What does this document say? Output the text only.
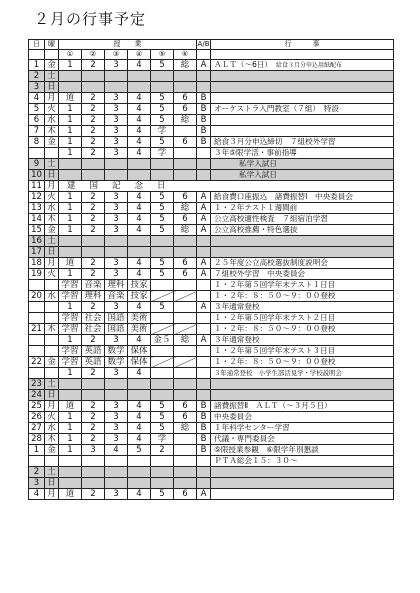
２月の行事予定
日	曜	授　　業						A/B	行　　　事
		①	②	③	④	⑤	⑥		
1	金	1	2	3	4	5	総	A	ＡＬＴ（～6日） 給食３月分申込用紙配布
2	土								
3	日								
4	月	道	2	3	4	5	6	B	
5	火	1	2	3	4	5	6	B	オーケストラ入門教室（７組）　特設
6	水	1	2	3	4	5	総	B	
7	木	1	2	3	4	学		B	
8	金	1	2	3	4	5	6	B	給食３月分申込締切　７組校外学習
		1	2	3	4	学			３年⑤限学活・事前指導
9	土								私学入試日
10	日								私学入試日
11	月	建国記念日							
12	火	1	2	3	4	5	6	A	給食費口座振込　諸費振替Ⅰ　中央委員会
13	水	1	2	3	4	5	総	A	１・２年テスト１週間前
14	木	1	2	3	4	5	6	A	公立高校適性検査　７組宿泊学習
15	金	1	2	3	4	5	総	A	公立高校推薦・特色選抜
16	土								
17	日								
18	月	道	2	3	4	5	6	A	２５年度公立高校選抜制度説明会
19	火	1	2	3	4	5	6	A	７組校外学習　中央委員会
		学習	音楽	理科	技家				１・２年第５回学年末テスト１日目
20	水	学習	理科	音楽	技家				１・２年：８：５０～９：００登校
		1	2	3	4	5		A	３年通常登校
		学習	社会	国語	美術				１・２年第５回学年末テスト２日目
21	木	学習	社会	国語	美術				１・２年：８：５０～９：００登校
		1	2	3	4	金５	総	A	３年通常登校
		学習	英語	数学	保体				１・２年第５回学年末テスト３日目
22	金	学習	英語	数学	保体				１・２年：８：５０～９：００登校
		1	2	3	4				３年通常登校　小学生部活見学・学校説明会
23	土								
24	日								
25	月	道	2	3	4	5	6	B	諸費振替Ⅱ　ＡＬＴ（～３月５日）
26	火	1	2	3	4	5	6	B	中央委員会
27	水	1	2	3	4	5	総	B	１年科学センター学習
28	木	1	2	3	4	学		B	代議・専門委員会
1	金	1	3	4	5	2		B	⑤限授業参観　⑥限学年別懇談
									ＰＴＡ総会１５：３０～
2	土								
3	日								
4	月	道	2	3	4	5	6	A	
